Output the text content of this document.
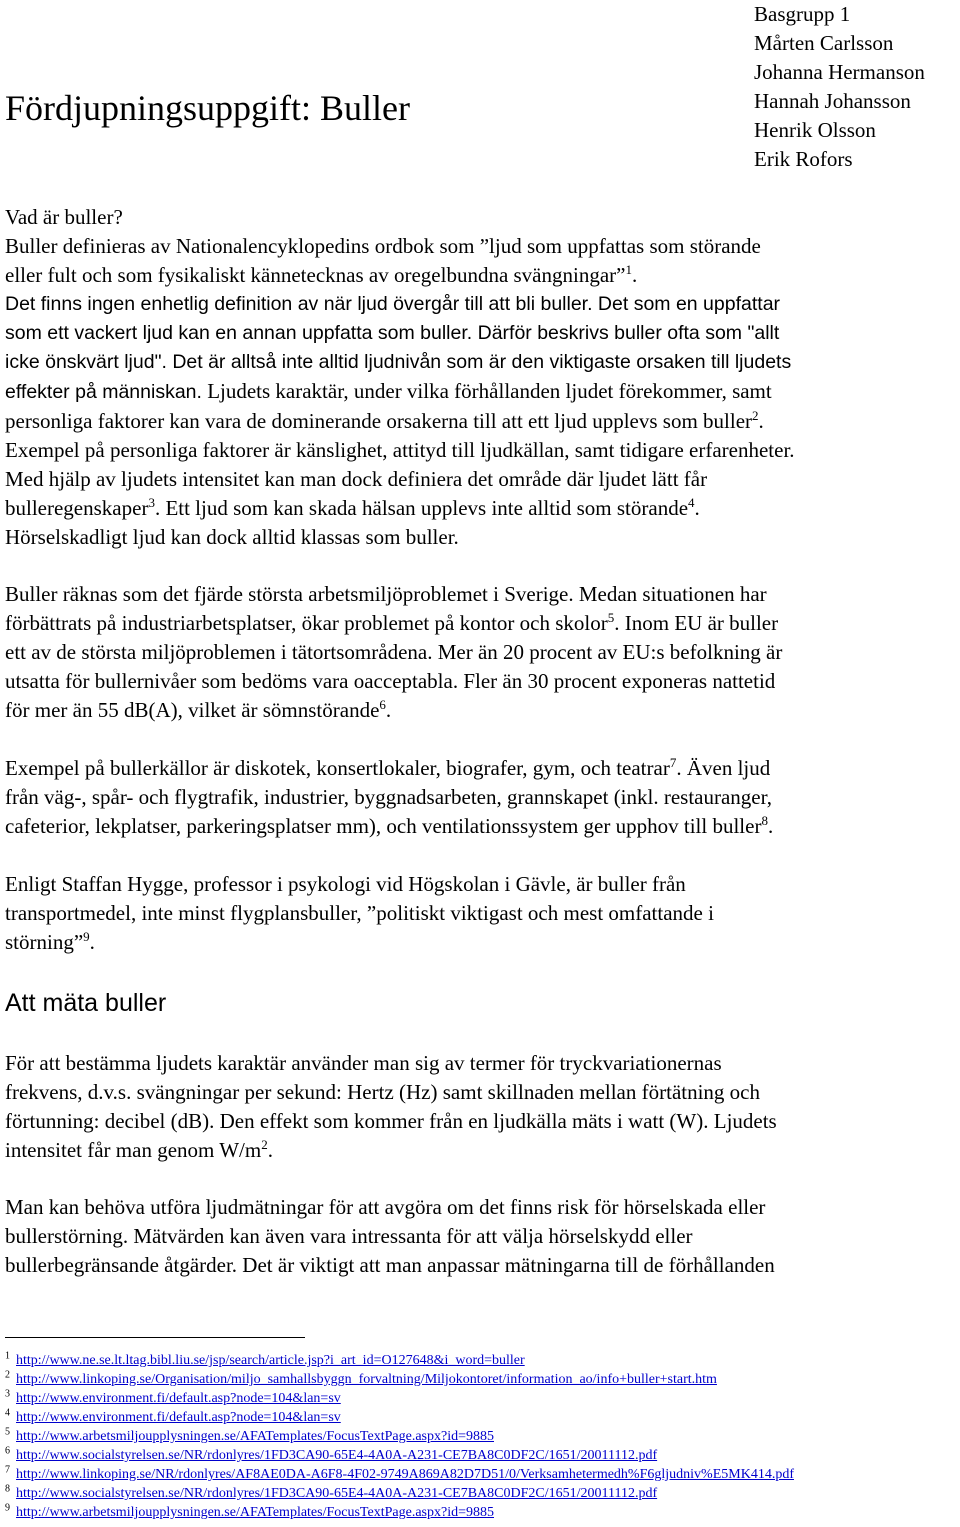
Fördjupningsuppgift: Buller
Basgrupp 1
Mårten Carlsson
Johanna Hermanson
Hannah Johansson
Henrik Olsson
Erik Rofors
Vad är buller?
Buller definieras av Nationalencyklopedins ordbok som ”ljud som uppfattas som störande
eller fult och som fysikaliskt kännetecknas av oregelbundna svängningar”$^1$.
Det finns ingen enhetlig definition av när ljud övergår till att bli buller. Det som en uppfattar
som ett vackert ljud kan en annan uppfatta som buller. Därför beskrivs buller ofta som "allt
icke önskvärt ljud". Det är alltså inte alltid ljudnivån som är den viktigaste orsaken till ljudets
effekter på människan. Ljudets karaktär, under vilka förhållanden ljudet förekommer, samt
personliga faktorer kan vara de dominerande orsakerna till att ett ljud upplevs som buller$^2$.
Exempel på personliga faktorer är känslighet, attityd till ljudkällan, samt tidigare erfarenheter.
Med hjälp av ljudets intensitet kan man dock definiera det område där ljudet lätt får
bulleregenskaper$^3$. Ett ljud som kan skada hälsan upplevs inte alltid som störande$^4$.
Hörselskadligt ljud kan dock alltid klassas som buller.
Buller räknas som det fjärde största arbetsmiljöproblemet i Sverige. Medan situationen har
förbättrats på industriarbetsplatser, ökar problemet på kontor och skolor$^5$. Inom EU är buller
ett av de största miljöproblemen i tätortsområdena. Mer än 20 procent av EU:s befolkning är
utsatta för bullernivåer som bedöms vara oacceptabla. Fler än 30 procent exponeras nattetid
för mer än 55 dB(A), vilket är sömnstörande$^6$.
Exempel på bullerkällor är diskotek, konsertlokaler, biografer, gym, och teatrar$^7$. Även ljud
från väg-, spår- och flygtrafik, industrier, byggnadsarbeten, grannskapet (inkl. restauranger,
cafeterior, lekplatser, parkeringsplatser mm), och ventilationssystem ger upphov till buller$^8$.
Enligt Staffan Hygge, professor i psykologi vid Högskolan i Gävle, är buller från
transportmedel, inte minst flygplansbuller, ”politiskt viktigast och mest omfattande i
störning”$^9$.
Att mäta buller
För att bestämma ljudets karaktär använder man sig av termer för tryckvariationernas
frekvens, d.v.s. svängningar per sekund: Hertz (Hz) samt skillnaden mellan förtätning och
förtunning: decibel (dB). Den effekt som kommer från en ljudkälla mäts i watt (W). Ljudets
intensitet får man genom $W/m^2$.
Man kan behöva utföra ljudmätningar för att avgöra om det finns risk för hörselskada eller
bullerstörning. Mätvärden kan även vara intressanta för att välja hörselskydd eller
bullerbegränsande åtgärder. Det är viktigt att man anpassar mätningarna till de förhållanden
$^1$ http://www.ne.se.lt.ltag.bibl.liu.se/jsp/search/article.jsp?i_art_id=O127648&i_word=buller
$^2$ http://www.linkoping.se/Organisation/miljo_samhallsbyggn_forvaltning/Miljokontoret/information_ao/info+buller+start.htm
$^3$ http://www.environment.fi/default.asp?node=104&lan=sv
$^4$ http://www.environment.fi/default.asp?node=104&lan=sv
$^5$ http://www.arbetsmiljoupplysningen.se/AFATemplates/FocusTextPage.aspx?id=9885
$^6$ http://www.socialstyrelsen.se/NR/rdonlyres/1FD3CA90-65E4-4A0A-A231-CE7BA8C0DF2C/1651/20011112.pdf
$^7$ http://www.linkoping.se/NR/rdonlyres/AF8AE0DA-A6F8-4F02-9749A869A82D7D51/0/Verksamhetermedh%F6gljudniv%E5MK414.pdf
$^8$ http://www.socialstyrelsen.se/NR/rdonlyres/1FD3CA90-65E4-4A0A-A231-CE7BA8C0DF2C/1651/20011112.pdf
$^9$ http://www.arbetsmiljoupplysningen.se/AFATemplates/FocusTextPage.aspx?id=9885
